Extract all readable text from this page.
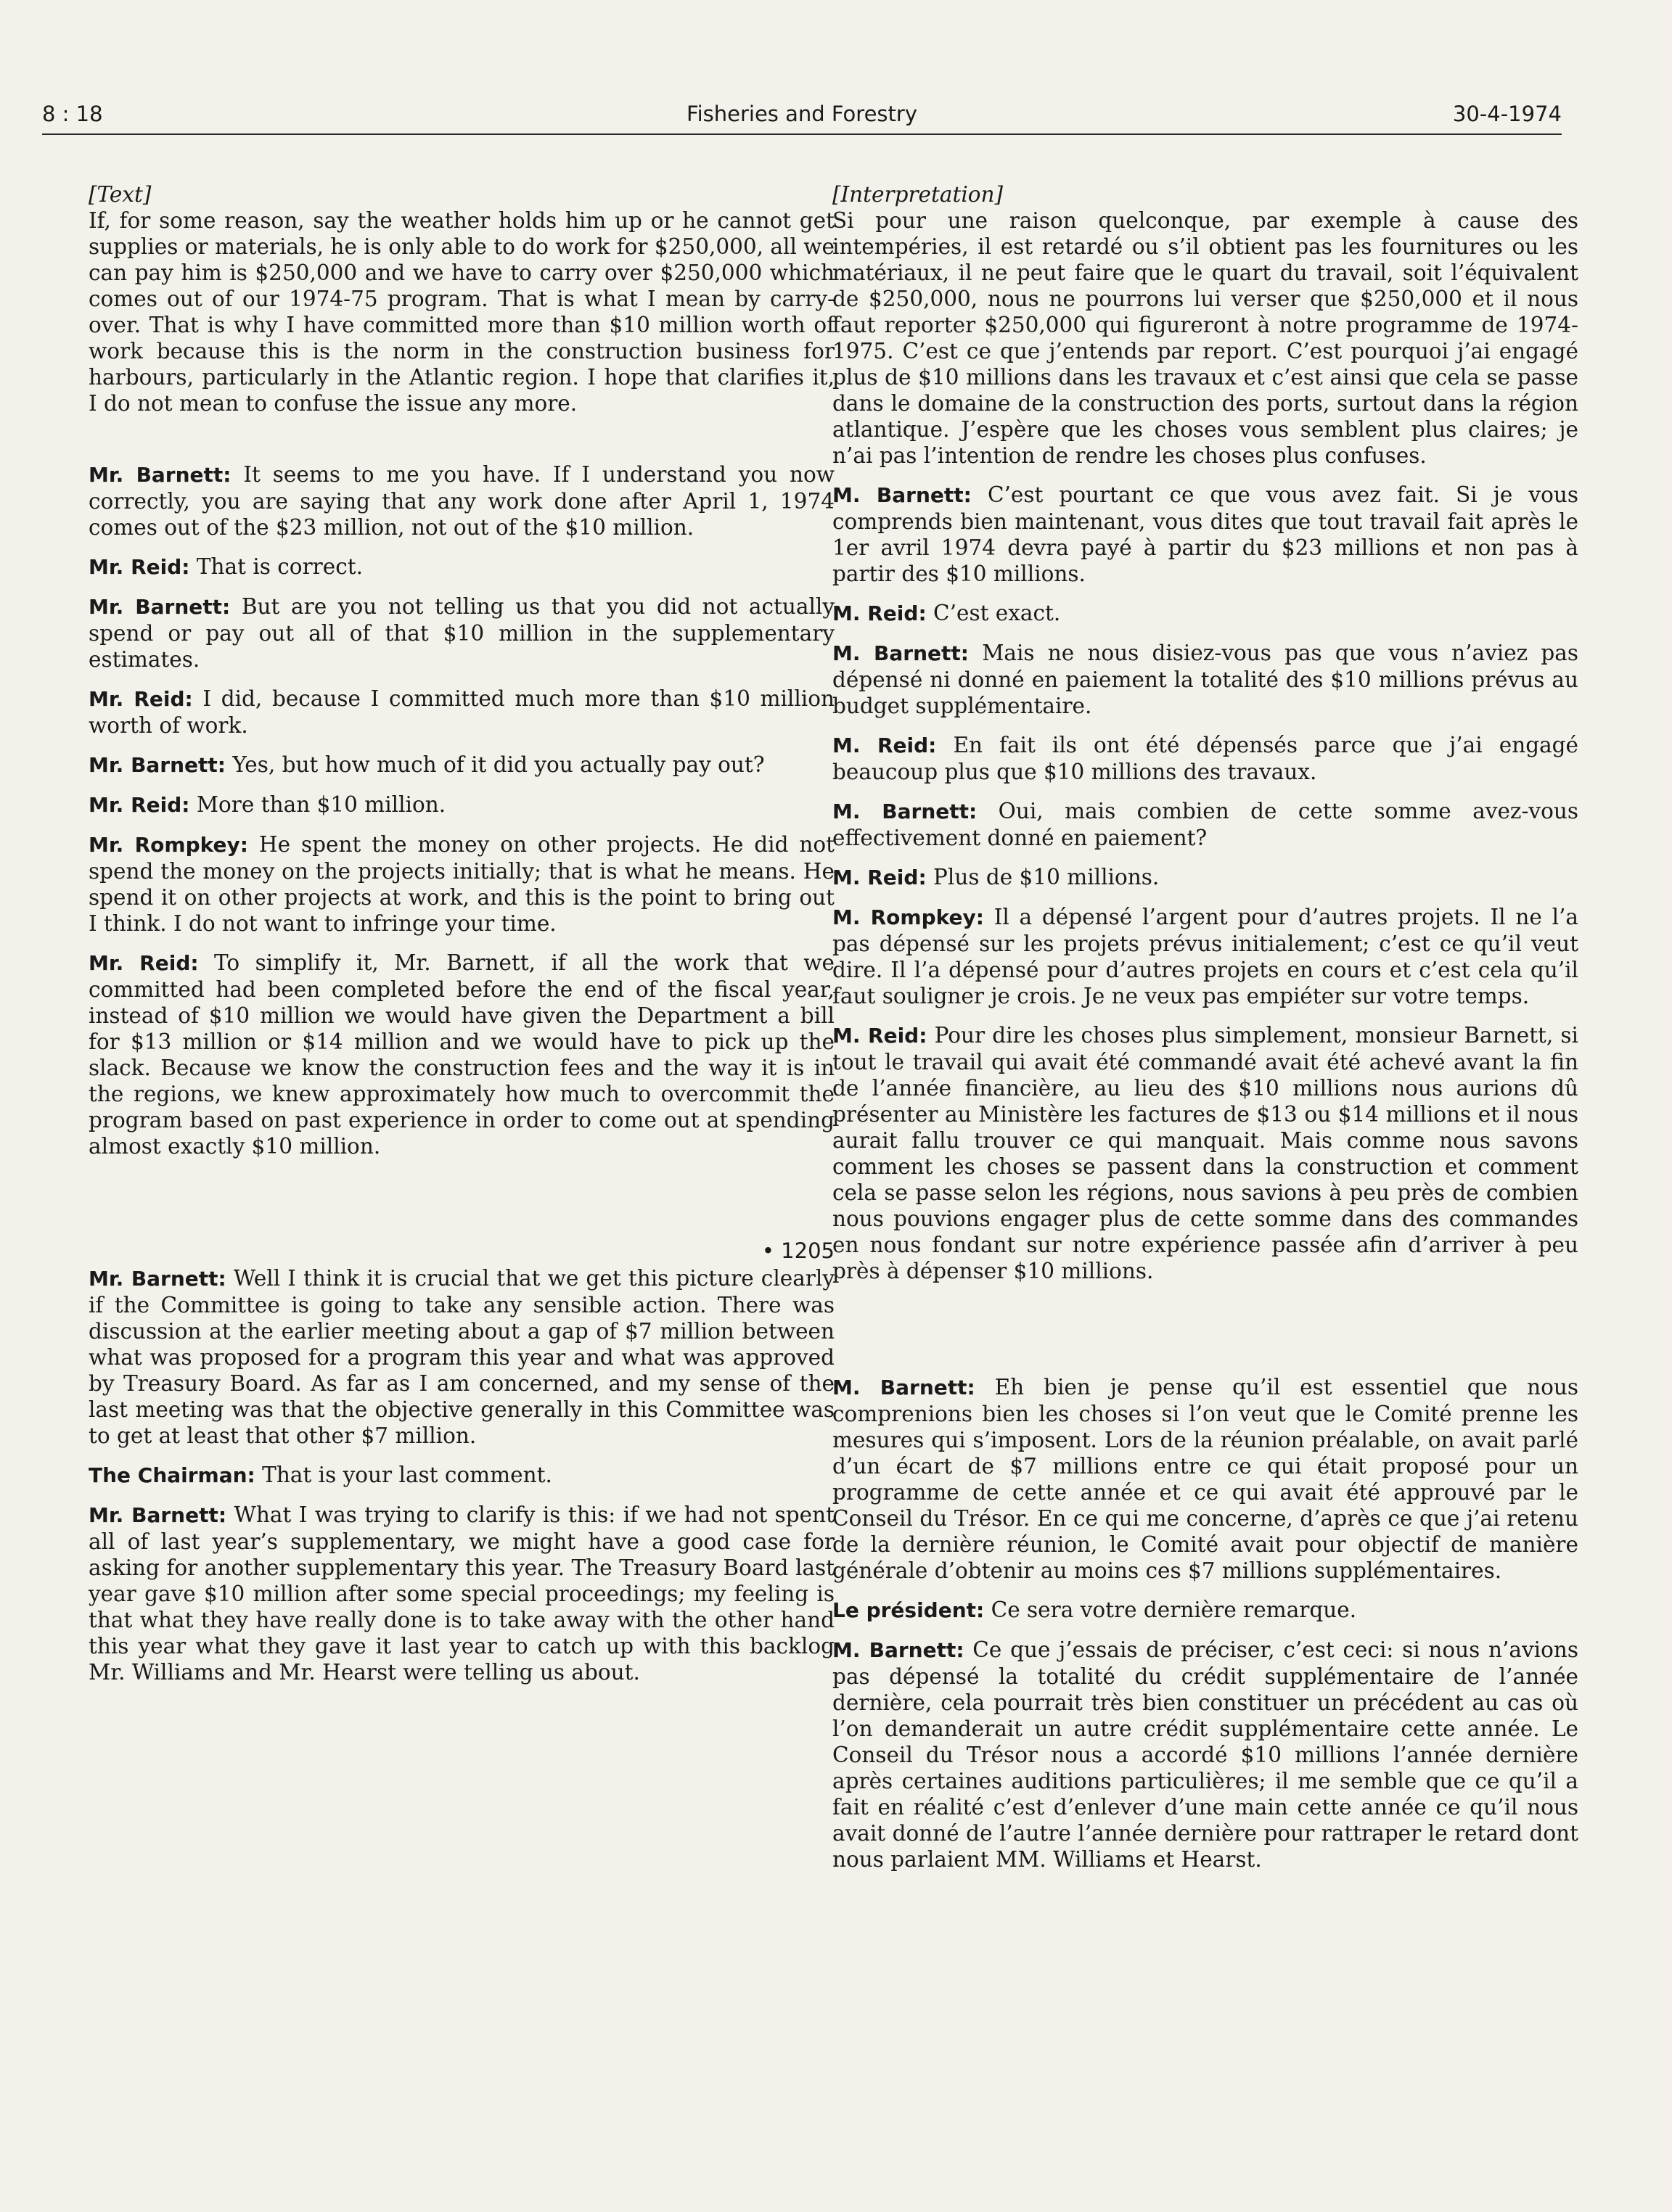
8 : 18	Fisheries and Forestry	30-4-1974
[Text]

If, for some reason, say the weather holds him up or he cannot get supplies or materials, he is only able to do work for $250,000, all we can pay him is $250,000 and we have to carry over $250,000 which comes out of our 1974-75 program. That is what I mean by carry-over. That is why I have committed more than $10 million worth of work because this is the norm in the construction business for harbours, particularly in the Atlantic region. I hope that clarifies it, I do not mean to confuse the issue any more.

Mr. Barnett: It seems to me you have. If I understand you now correctly, you are saying that any work done after April 1, 1974 comes out of the $23 million, not out of the $10 million.

Mr. Reid: That is correct.

Mr. Barnett: But are you not telling us that you did not actually spend or pay out all of that $10 million in the supplementary estimates.

Mr. Reid: I did, because I committed much more than $10 million worth of work.

Mr. Barnett: Yes, but how much of it did you actually pay out?

Mr. Reid: More than $10 million.

Mr. Rompkey: He spent the money on other projects. He did not spend the money on the projects initially; that is what he means. He spend it on other projects at work, and this is the point to bring out I think. I do not want to infringe your time.

Mr. Reid: To simplify it, Mr. Barnett, if all the work that we committed had been completed before the end of the fiscal year, instead of $10 million we would have given the Department a bill for $13 million or $14 million and we would have to pick up the slack. Because we know the construction fees and the way it is in the regions, we knew approximately how much to overcommit the program based on past experience in order to come out at spending almost exactly $10 million.

• 1205

Mr. Barnett: Well I think it is crucial that we get this picture clearly if the Committee is going to take any sensible action. There was discussion at the earlier meeting about a gap of $7 million between what was proposed for a program this year and what was approved by Treasury Board. As far as I am concerned, and my sense of the last meeting was that the objective generally in this Committee was to get at least that other $7 million.

The Chairman: That is your last comment.

Mr. Barnett: What I was trying to clarify is this: if we had not spent all of last year’s supplementary, we might have a good case for asking for another supplementary this year. The Treasury Board last year gave $10 million after some special proceedings; my feeling is that what they have really done is to take away with the other hand this year what they gave it last year to catch up with this backlog Mr. Williams and Mr. Hearst were telling us about.

[Interpretation]

Si pour une raison quelconque, par exemple à cause des intempéries, il est retardé ou s’il obtient pas les fournitures ou les matériaux, il ne peut faire que le quart du travail, soit l’équivalent de $250,000, nous ne pourrons lui verser que $250,000 et il nous faut reporter $250,000 qui figureront à notre programme de 1974-1975. C’est ce que j’entends par report. C’est pourquoi j’ai engagé plus de $10 millions dans les travaux et c’est ainsi que cela se passe dans le domaine de la construction des ports, surtout dans la région atlantique. J’espère que les choses vous semblent plus claires; je n’ai pas l’intention de rendre les choses plus confuses.

M. Barnett: C’est pourtant ce que vous avez fait. Si je vous comprends bien maintenant, vous dites que tout travail fait après le 1er avril 1974 devra payé à partir du $23 millions et non pas à partir des $10 millions.

M. Reid: C’est exact.

M. Barnett: Mais ne nous disiez-vous pas que vous n’aviez pas dépensé ni donné en paiement la totalité des $10 millions prévus au budget supplémentaire.

M. Reid: En fait ils ont été dépensés parce que j’ai engagé beaucoup plus que $10 millions des travaux.

M. Barnett: Oui, mais combien de cette somme avez-vous effectivement donné en paiement?

M. Reid: Plus de $10 millions.

M. Rompkey: Il a dépensé l’argent pour d’autres projets. Il ne l’a pas dépensé sur les projets prévus initialement; c’est ce qu’il veut dire. Il l’a dépensé pour d’autres projets en cours et c’est cela qu’il faut souligner je crois. Je ne veux pas empiéter sur votre temps.

M. Reid: Pour dire les choses plus simplement, monsieur Barnett, si tout le travail qui avait été commandé avait été achevé avant la fin de l’année financière, au lieu des $10 millions nous aurions dû présenter au Ministère les factures de $13 ou $14 millions et il nous aurait fallu trouver ce qui manquait. Mais comme nous savons comment les choses se passent dans la construction et comment cela se passe selon les régions, nous savions à peu près de combien nous pouvions engager plus de cette somme dans des commandes en nous fondant sur notre expérience passée afin d’arriver à peu près à dépenser $10 millions.

M. Barnett: Eh bien je pense qu’il est essentiel que nous comprenions bien les choses si l’on veut que le Comité prenne les mesures qui s’imposent. Lors de la réunion préalable, on avait parlé d’un écart de $7 millions entre ce qui était proposé pour un programme de cette année et ce qui avait été approuvé par le Conseil du Trésor. En ce qui me concerne, d’après ce que j’ai retenu de la dernière réunion, le Comité avait pour objectif de manière générale d’obtenir au moins ces $7 millions supplémentaires.

Le président: Ce sera votre dernière remarque.

M. Barnett: Ce que j’essais de préciser, c’est ceci: si nous n’avions pas dépensé la totalité du crédit supplémentaire de l’année dernière, cela pourrait très bien constituer un précédent au cas où l’on demanderait un autre crédit supplémentaire cette année. Le Conseil du Trésor nous a accordé $10 millions l’année dernière après certaines auditions particulières; il me semble que ce qu’il a fait en réalité c’est d’enlever d’une main cette année ce qu’il nous avait donné de l’autre l’année dernière pour rattraper le retard dont nous parlaient MM. Williams et Hearst.
